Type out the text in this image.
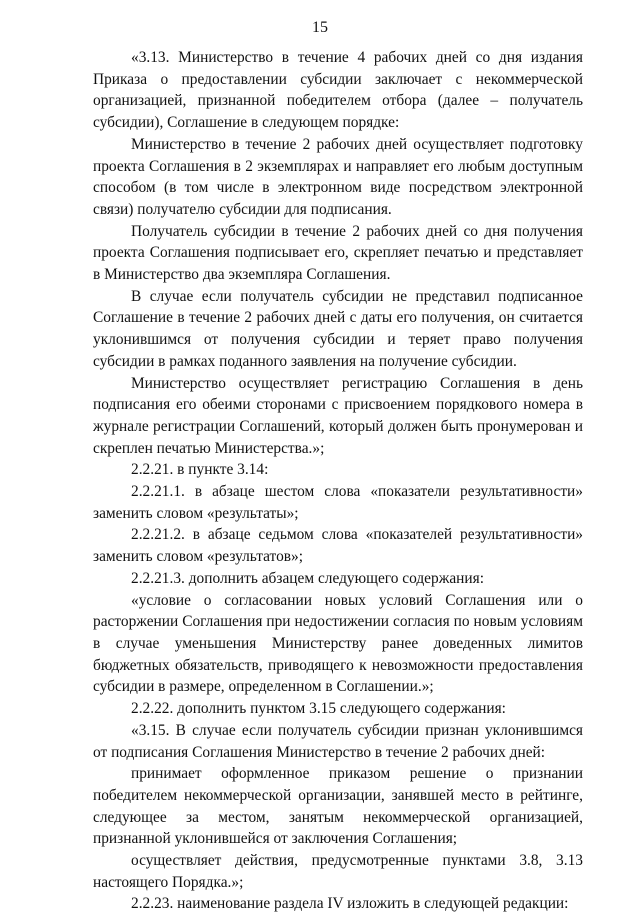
15

«3.13. Министерство в течение 4 рабочих дней со дня издания Приказа о предоставлении субсидии заключает с некоммерческой организацией, признанной победителем отбора (далее – получатель субсидии), Соглашение в следующем порядке:

Министерство в течение 2 рабочих дней осуществляет подготовку проекта Соглашения в 2 экземплярах и направляет его любым доступным способом (в том числе в электронном виде посредством электронной связи) получателю субсидии для подписания.

Получатель субсидии в течение 2 рабочих дней со дня получения проекта Соглашения подписывает его, скрепляет печатью и представляет в Министерство два экземпляра Соглашения.

В случае если получатель субсидии не представил подписанное Соглашение в течение 2 рабочих дней с даты его получения, он считается уклонившимся от получения субсидии и теряет право получения субсидии в рамках поданного заявления на получение субсидии.

Министерство осуществляет регистрацию Соглашения в день подписания его обеими сторонами с присвоением порядкового номера в журнале регистрации Соглашений, который должен быть пронумерован и скреплен печатью Министерства.»;

2.2.21. в пункте 3.14:

2.2.21.1. в абзаце шестом слова «показатели результативности» заменить словом «результаты»;

2.2.21.2. в абзаце седьмом слова «показателей результативности» заменить словом «результатов»;

2.2.21.3. дополнить абзацем следующего содержания:

«условие о согласовании новых условий Соглашения или о расторжении Соглашения при недостижении согласия по новым условиям в случае уменьшения Министерству ранее доведенных лимитов бюджетных обязательств, приводящего к невозможности предоставления субсидии в размере, определенном в Соглашении.»;

2.2.22. дополнить пунктом 3.15 следующего содержания:

«3.15. В случае если получатель субсидии признан уклонившимся от подписания Соглашения Министерство в течение 2 рабочих дней:

принимает оформленное приказом решение о признании победителем некоммерческой организации, занявшей место в рейтинге, следующее за местом, занятым некоммерческой организацией, признанной уклонившейся от заключения Соглашения;

осуществляет действия, предусмотренные пунктами 3.8, 3.13 настоящего Порядка.»;

2.2.23. наименование раздела IV изложить в следующей редакции:
